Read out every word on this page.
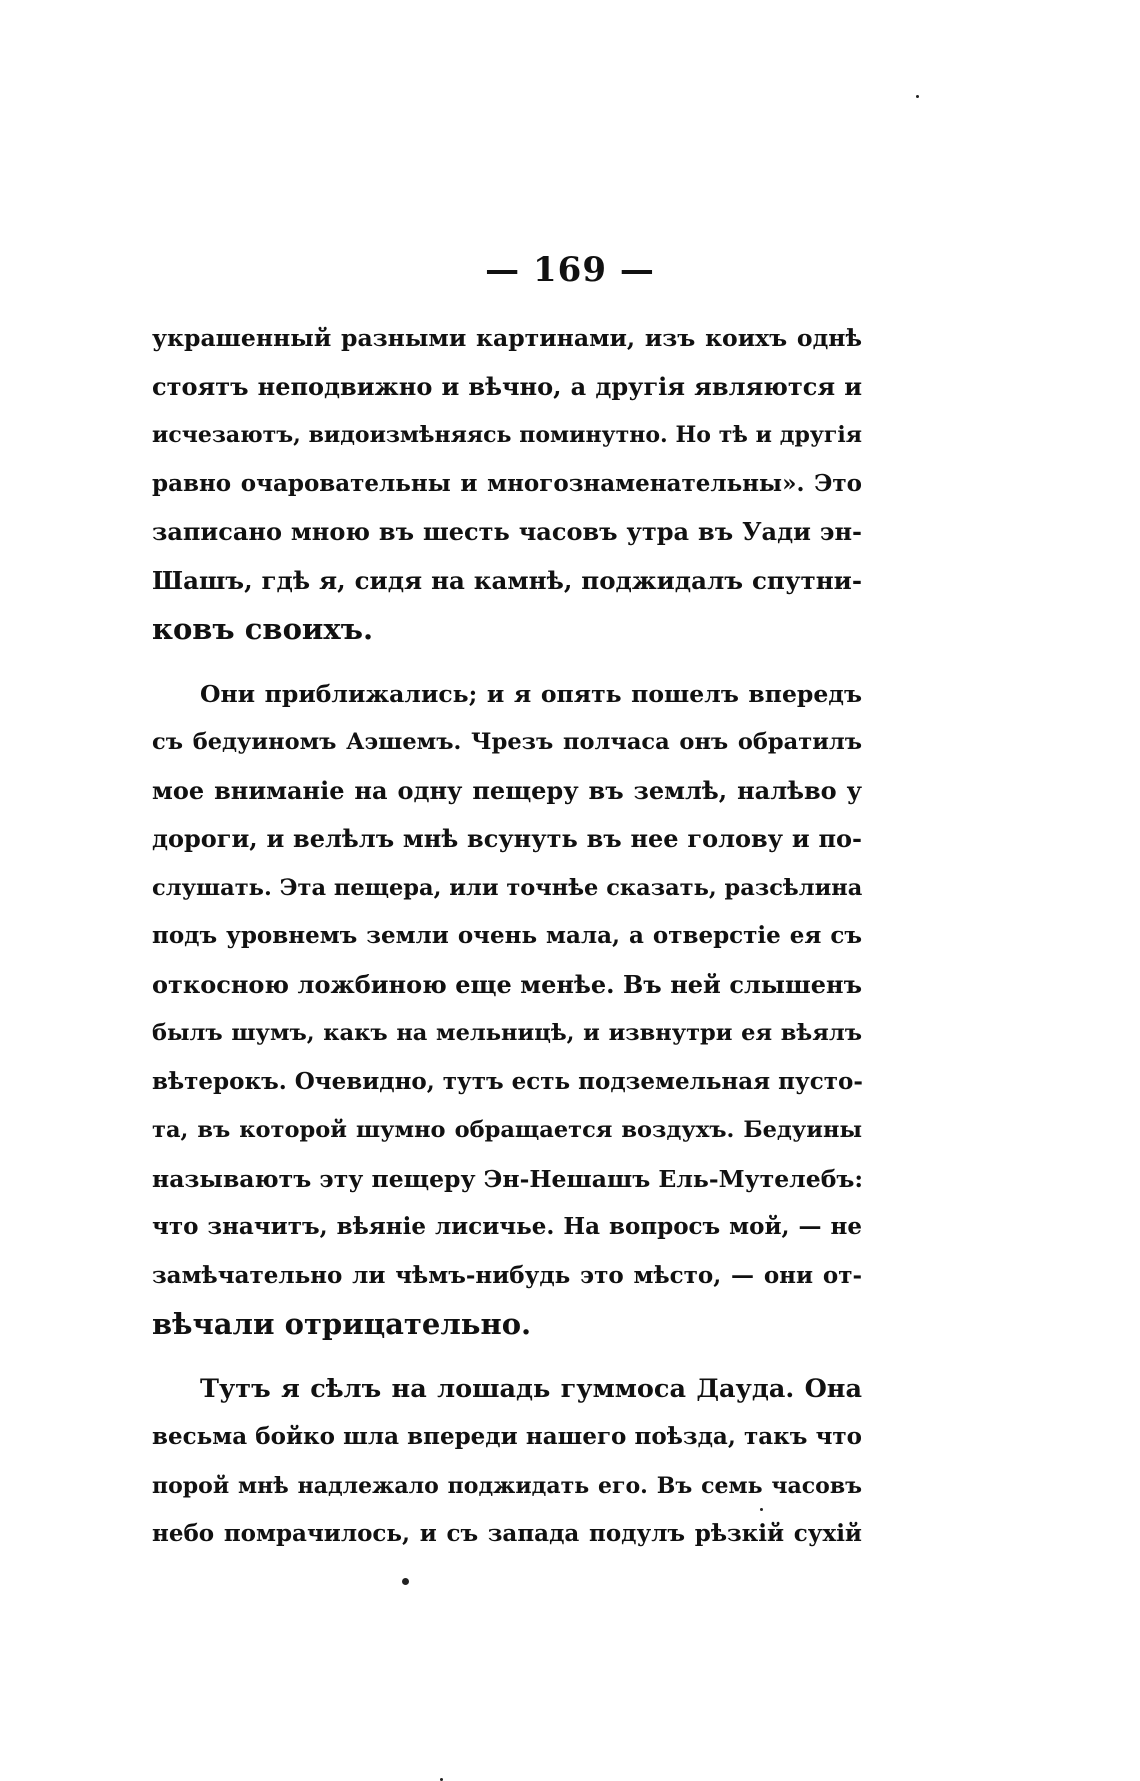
— 169 —
украшенный разными картинами, изъ коихъ однѣ
стоятъ неподвижно и вѣчно, а другія являются и
исчезаютъ, видоизмѣняясь поминутно. Но тѣ и другія
равно очаровательны и многознаменательны». Это
записано мною въ шесть часовъ утра въ Уади эн-
Шашъ, гдѣ я, сидя на камнѣ, поджидалъ спутни-
ковъ своихъ.
Они приближались; и я опять пошелъ впередъ
съ бедуиномъ Аэшемъ. Чрезъ полчаса онъ обратилъ
мое вниманіе на одну пещеру въ землѣ, налѣво у
дороги, и велѣлъ мнѣ всунуть въ нее голову и по-
слушать. Эта пещера, или точнѣе сказать, разсѣлина
подъ уровнемъ земли очень мала, а отверстіе ея съ
откосною ложбиною еще менѣе. Въ ней слышенъ
былъ шумъ, какъ на мельницѣ, и извнутри ея вѣялъ
вѣтерокъ. Очевидно, тутъ есть подземельная пусто-
та, въ которой шумно обращается воздухъ. Бедуины
называютъ эту пещеру Эн-Нешашъ Ель-Мутелебъ:
что значитъ, вѣяніе лисичье. На вопросъ мой, — не
замѣчательно ли чѣмъ-нибудь это мѣсто, — они от-
вѣчали отрицательно.
Тутъ я сѣлъ на лошадь гуммоса Дауда. Она
весьма бойко шла впереди нашего поѣзда, такъ что
порой мнѣ надлежало поджидать его. Въ семь часовъ
небо помрачилось, и съ запада подулъ рѣзкій сухій
